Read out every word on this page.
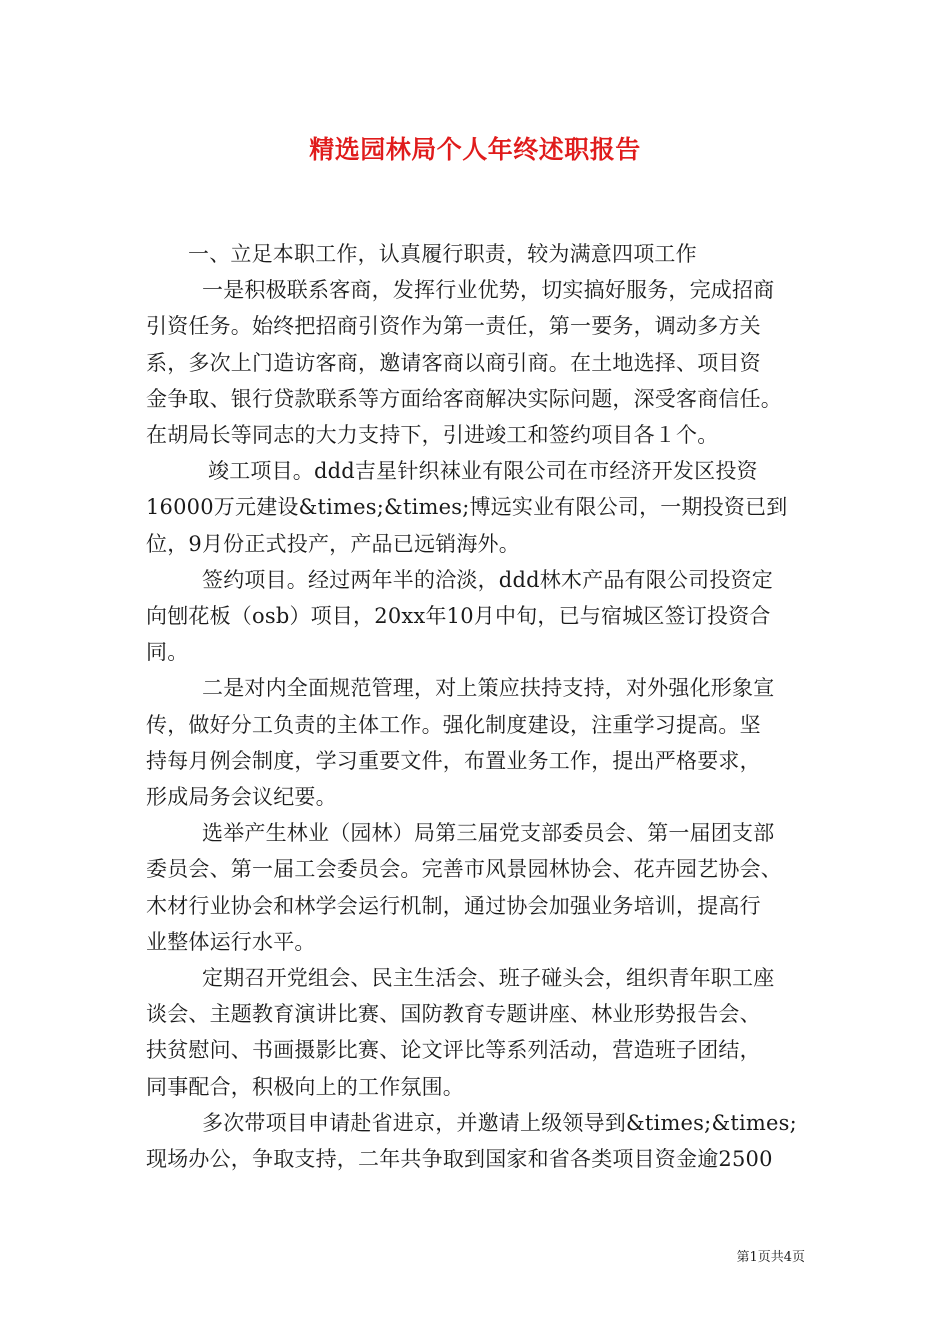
精选园林局个人年终述职报告
一、立足本职工作，认真履行职责，较为满意四项工作
一是积极联系客商，发挥行业优势，切实搞好服务，完成招商
引资任务。始终把招商引资作为第一责任，第一要务，调动多方关
系，多次上门造访客商，邀请客商以商引商。在土地选择、项目资
金争取、银行贷款联系等方面给客商解决实际问题，深受客商信任。
在胡局长等同志的大力支持下，引进竣工和签约项目各１个。
竣工项目。ddd吉星针织袜业有限公司在市经济开发区投资
16000万元建设&times;&times;博远实业有限公司，一期投资已到
位，9月份正式投产，产品已远销海外。
签约项目。经过两年半的洽淡，ddd林木产品有限公司投资定
向刨花板（osb）项目，20xx年10月中旬，已与宿城区签订投资合
同。
二是对内全面规范管理，对上策应扶持支持，对外强化形象宣
传，做好分工负责的主体工作。强化制度建设，注重学习提高。坚
持每月例会制度，学习重要文件，布置业务工作，提出严格要求，
形成局务会议纪要。
选举产生林业（园林）局第三届党支部委员会、第一届团支部
委员会、第一届工会委员会。完善市风景园林协会、花卉园艺协会、
木材行业协会和林学会运行机制，通过协会加强业务培训，提高行
业整体运行水平。
定期召开党组会、民主生活会、班子碰头会，组织青年职工座
谈会、主题教育演讲比赛、国防教育专题讲座、林业形势报告会、
扶贫慰问、书画摄影比赛、论文评比等系列活动，营造班子团结，
同事配合，积极向上的工作氛围。
多次带项目申请赴省进京，并邀请上级领导到&times;&times;
现场办公，争取支持，二年共争取到国家和省各类项目资金逾2500
第1页共4页
